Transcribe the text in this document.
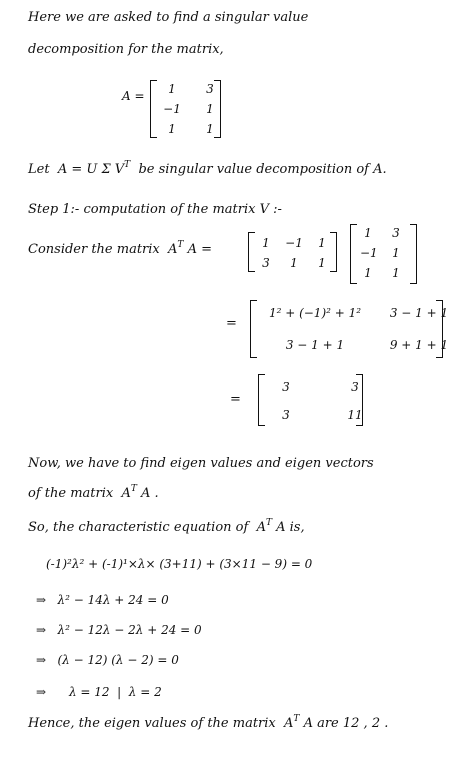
Here we are asked to find a singular value
decomposition for the matrix,
A =	1	3
−1	1
1	1
Let  A = U Σ $V^T$  be singular value decomposition of A.
Step 1:- computation of the matrix V :-
Consider the matrix  $A^T$ A =	1	−1	1
3	1	1
1	3
−1	1
1	1
=
1² + (−1)² + 1²	3 − 1 + 1
3 − 1 + 1	9 + 1 + 1
=
3	3
3	11
Now, we have to find eigen values and eigen vectors
of the matrix  $A^T$ A .
So, the characteristic equation of  $A^T$ A is,
(-1)²λ² + (-1)¹×λ× (3+11) + (3×11 − 9) = 0
⇒   λ² − 14λ + 24 = 0
⇒   λ² − 12λ − 2λ + 24 = 0
⇒   (λ − 12) (λ − 2) = 0
⇒      λ = 12  |  λ = 2
Hence, the eigen values of the matrix  $A^T$ A are 12 , 2 .
